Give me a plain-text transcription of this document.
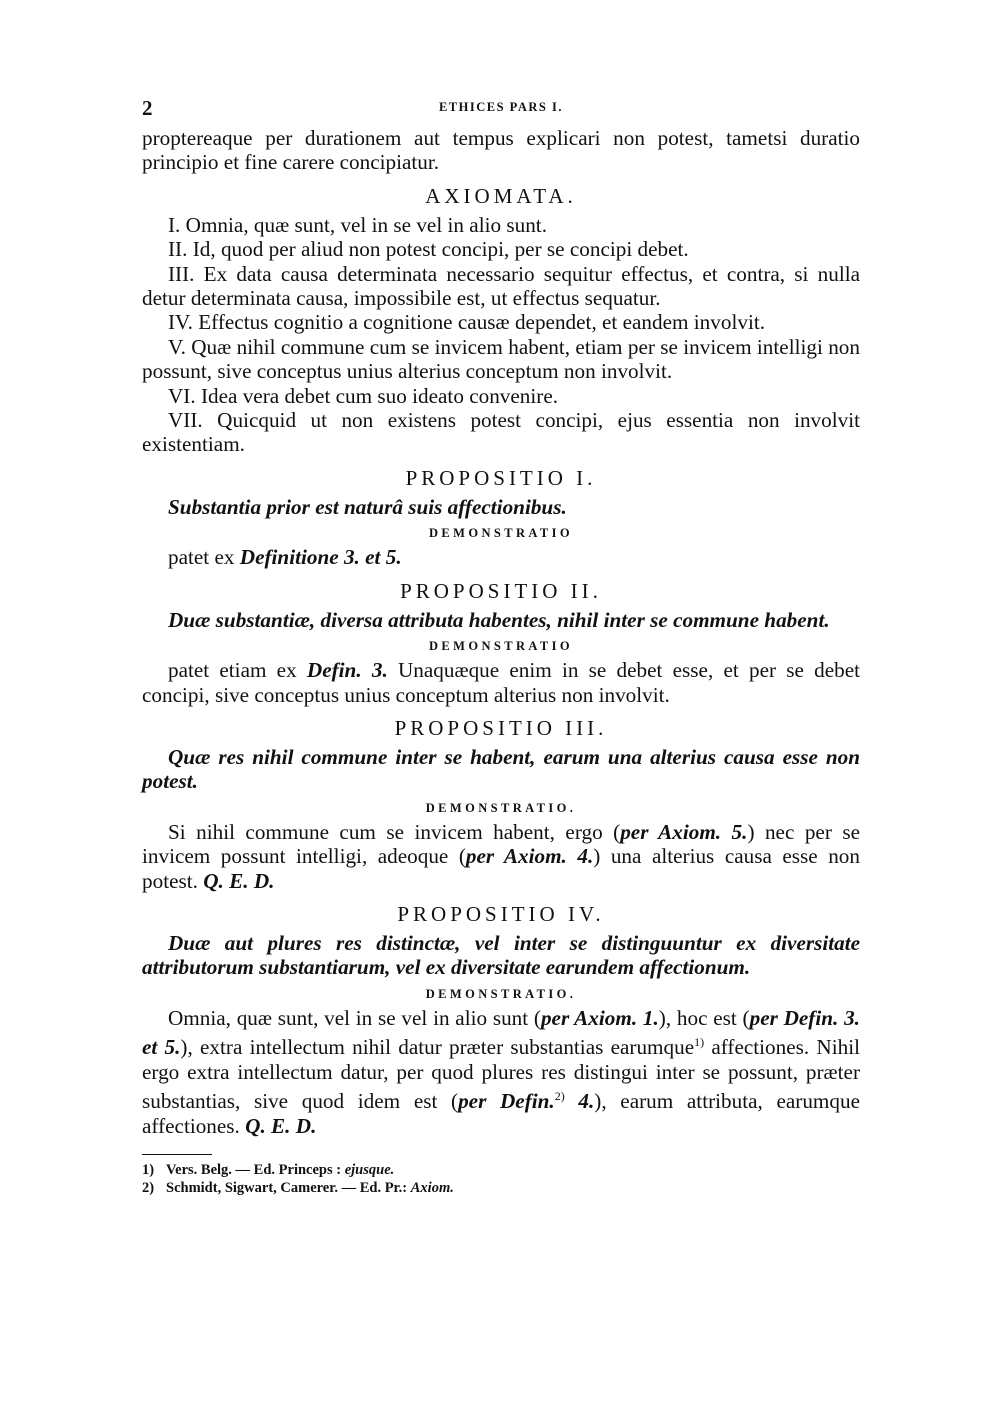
2	ETHICES PARS I.

proptereaque per durationem aut tempus explicari non potest, tametsi duratio principio et fine carere concipiatur.

AXIOMATA.

I. Omnia, quæ sunt, vel in se vel in alio sunt.

II. Id, quod per aliud non potest concipi, per se concipi debet.

III. Ex data causa determinata necessario sequitur effectus, et contra, si nulla detur determinata causa, impossibile est, ut effectus sequatur.

IV. Effectus cognitio a cognitione causæ dependet, et eandem involvit.

V. Quæ nihil commune cum se invicem habent, etiam per se invicem intelligi non possunt, sive conceptus unius alterius conceptum non involvit.

VI. Idea vera debet cum suo ideato convenire.

VII. Quicquid ut non existens potest concipi, ejus essentia non involvit existentiam.

PROPOSITIO I.

Substantia prior est naturâ suis affectionibus.

DEMONSTRATIO

patet ex Definitione 3. et 5.

PROPOSITIO II.

Duæ substantiæ, diversa attributa habentes, nihil inter se commune habent.

DEMONSTRATIO

patet etiam ex Defin. 3. Unaquæque enim in se debet esse, et per se debet concipi, sive conceptus unius conceptum alterius non involvit.

PROPOSITIO III.

Quæ res nihil commune inter se habent, earum una alterius causa esse non potest.

DEMONSTRATIO.

Si nihil commune cum se invicem habent, ergo (per Axiom. 5.) nec per se invicem possunt intelligi, adeoque (per Axiom. 4.) una alterius causa esse non potest. Q. E. D.

PROPOSITIO IV.

Duæ aut plures res distinctæ, vel inter se distinguuntur ex diversitate attributorum substantiarum, vel ex diversitate earundem affectionum.

DEMONSTRATIO.

Omnia, quæ sunt, vel in se vel in alio sunt (per Axiom. 1.), hoc est (per Defin. 3. et 5.), extra intellectum nihil datur præter substantias earumque$^{1)}$ affectiones. Nihil ergo extra intellectum datur, per quod plures res distingui inter se possunt, præter substantias, sive quod idem est (per Defin.$^{2)}$ 4.), earum attributa, earumque affectiones. Q. E. D.

1) Vers. Belg. — Ed. Princeps : ejusque.

2) Schmidt, Sigwart, Camerer. — Ed. Pr.: Axiom.
